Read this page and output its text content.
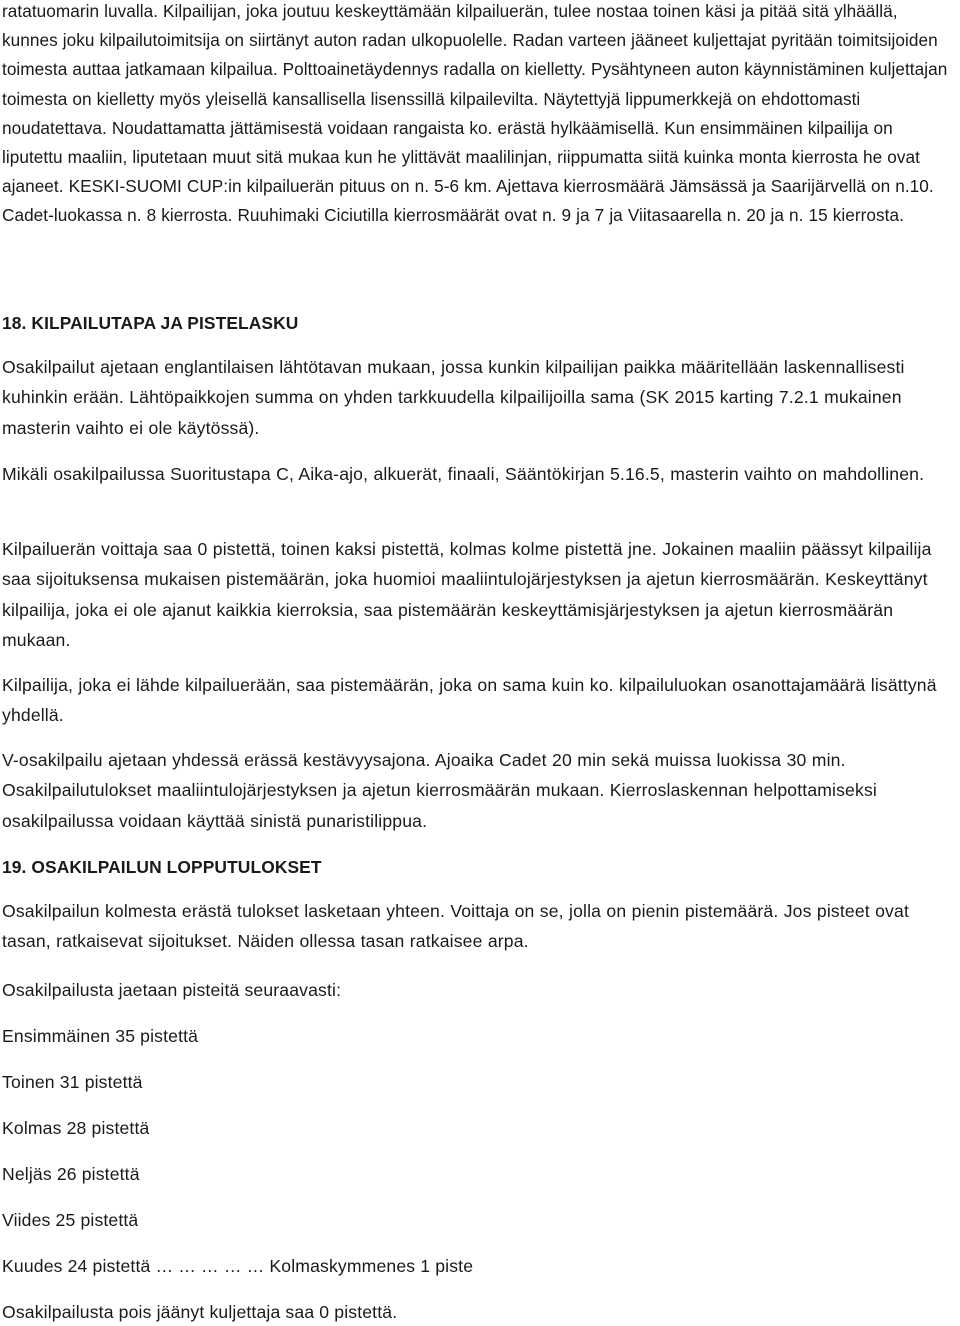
ratatuomarin luvalla. Kilpailijan, joka joutuu keskeyttämään kilpailuerän, tulee nostaa toinen käsi ja pitää sitä ylhäällä, kunnes joku kilpailutoimitsija on siirtänyt auton radan ulkopuolelle. Radan varteen jääneet kuljettajat pyritään toimitsijoiden toimesta auttaa jatkamaan kilpailua. Polttoainetäydennys radalla on kielletty. Pysähtyneen auton käynnistäminen kuljettajan toimesta on kielletty myös yleisellä kansallisella lisenssillä kilpailevilta. Näytettyjä lippumerkkejä on ehdottomasti noudatettava. Noudattamatta jättämisestä voidaan rangaista ko. erästä hylkäämisellä. Kun ensimmäinen kilpailija on liputettu maaliin, liputetaan muut sitä mukaa kun he ylittävät maalilinjan, riippumatta siitä kuinka monta kierrosta he ovat ajaneet. KESKI-SUOMI CUP:in kilpailuerän pituus on n. 5-6 km. Ajettava kierrosmäärä Jämsässä ja Saarijärvellä on n.10. Cadet-luokassa n. 8 kierrosta. Ruuhimaki Ciciutilla kierrosmäärät ovat n. 9 ja 7 ja Viitasaarella n. 20 ja n. 15 kierrosta.

18. KILPAILUTAPA JA PISTELASKU

Osakilpailut ajetaan englantilaisen lähtötavan mukaan, jossa kunkin kilpailijan paikka määritellään laskennallisesti kuhinkin erään. Lähtöpaikkojen summa on yhden tarkkuudella kilpailijoilla sama (SK 2015 karting 7.2.1 mukainen masterin vaihto ei ole käytössä).

Mikäli osakilpailussa Suoritustapa C, Aika-ajo, alkuerät, finaali, Sääntökirjan 5.16.5, masterin vaihto on mahdollinen.

Kilpailuerän voittaja saa 0 pistettä, toinen kaksi pistettä, kolmas kolme pistettä jne. Jokainen maaliin päässyt kilpailija saa sijoituksensa mukaisen pistemäärän, joka huomioi maaliintulojärjestyksen ja ajetun kierrosmäärän. Keskeyttänyt kilpailija, joka ei ole ajanut kaikkia kierroksia, saa pistemäärän keskeyttämisjärjestyksen ja ajetun kierrosmäärän mukaan.

Kilpailija, joka ei lähde kilpailuerään, saa pistemäärän, joka on sama kuin ko. kilpailuluokan osanottajamäärä lisättynä yhdellä.

V-osakilpailu ajetaan yhdessä erässä kestävyysajona. Ajoaika Cadet 20 min sekä muissa luokissa 30 min. Osakilpailutulokset maaliintulojärjestyksen ja ajetun kierrosmäärän mukaan. Kierroslaskennan helpottamiseksi osakilpailussa voidaan käyttää sinistä punaristilippua.

19. OSAKILPAILUN LOPPUTULOKSET

Osakilpailun kolmesta erästä tulokset lasketaan yhteen. Voittaja on se, jolla on pienin pistemäärä. Jos pisteet ovat tasan, ratkaisevat sijoitukset. Näiden ollessa tasan ratkaisee arpa.

Osakilpailusta jaetaan pisteitä seuraavasti:

Ensimmäinen 35 pistettä

Toinen 31 pistettä

Kolmas 28 pistettä

Neljäs 26 pistettä

Viides 25 pistettä

Kuudes 24 pistettä … … … … … Kolmaskymmenes 1 piste

Osakilpailusta pois jäänyt kuljettaja saa 0 pistettä.
